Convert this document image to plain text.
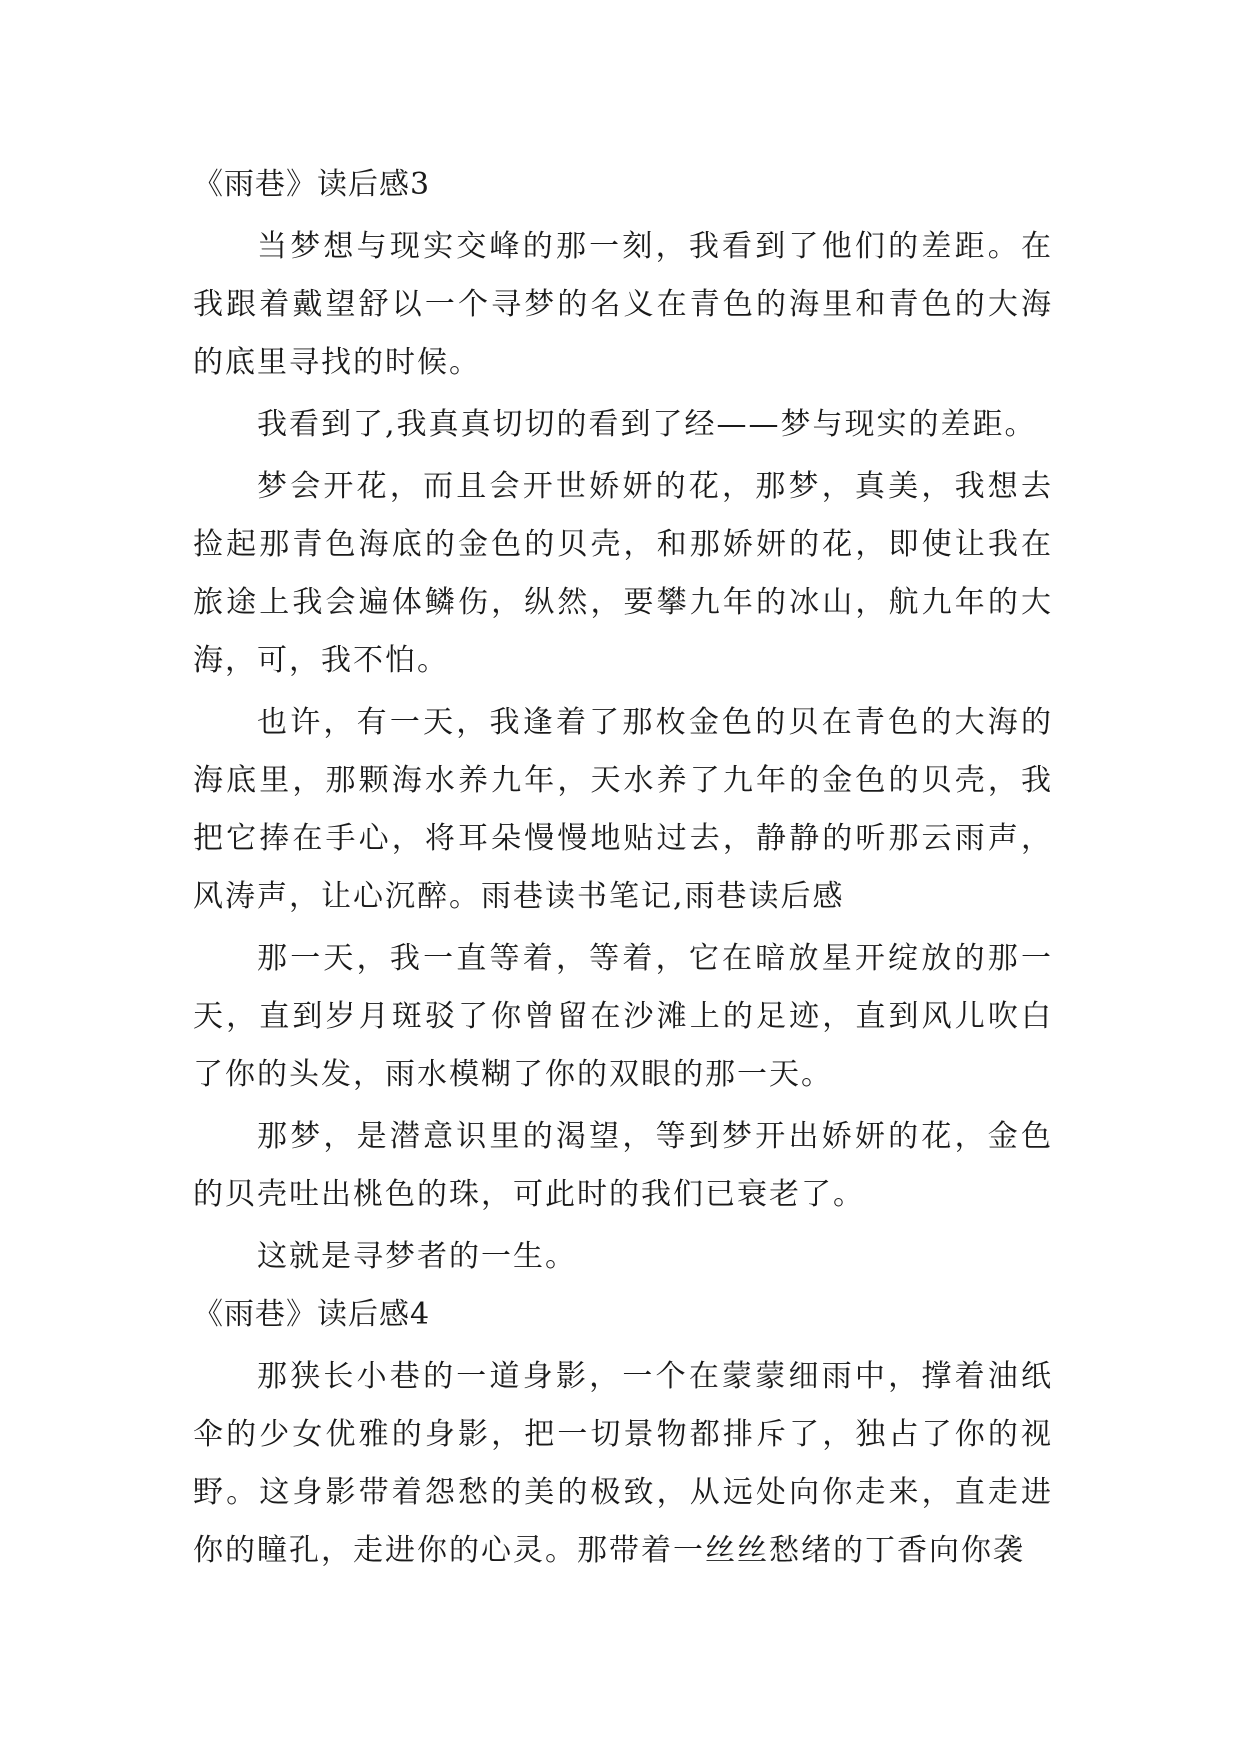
《雨巷》读后感3

当梦想与现实交峰的那一刻，我看到了他们的差距。在我跟着戴望舒以一个寻梦的名义在青色的海里和青色的大海的底里寻找的时候。

我看到了,我真真切切的看到了经——梦与现实的差距。

梦会开花，而且会开世娇妍的花，那梦，真美，我想去捡起那青色海底的金色的贝壳，和那娇妍的花，即使让我在旅途上我会遍体鳞伤，纵然，要攀九年的冰山，航九年的大海，可，我不怕。

也许，有一天，我逢着了那枚金色的贝在青色的大海的海底里，那颗海水养九年，天水养了九年的金色的贝壳，我把它捧在手心，将耳朵慢慢地贴过去，静静的听那云雨声，风涛声，让心沉醉。雨巷读书笔记,雨巷读后感

那一天，我一直等着，等着，它在暗放星开绽放的那一天，直到岁月斑驳了你曾留在沙滩上的足迹，直到风儿吹白了你的头发，雨水模糊了你的双眼的那一天。

那梦，是潜意识里的渴望，等到梦开出娇妍的花，金色的贝壳吐出桃色的珠，可此时的我们已衰老了。

这就是寻梦者的一生。

《雨巷》读后感4

那狭长小巷的一道身影，一个在蒙蒙细雨中，撑着油纸伞的少女优雅的身影，把一切景物都排斥了，独占了你的视野。这身影带着怨愁的美的极致，从远处向你走来，直走进你的瞳孔，走进你的心灵。那带着一丝丝愁绪的丁香向你袭
